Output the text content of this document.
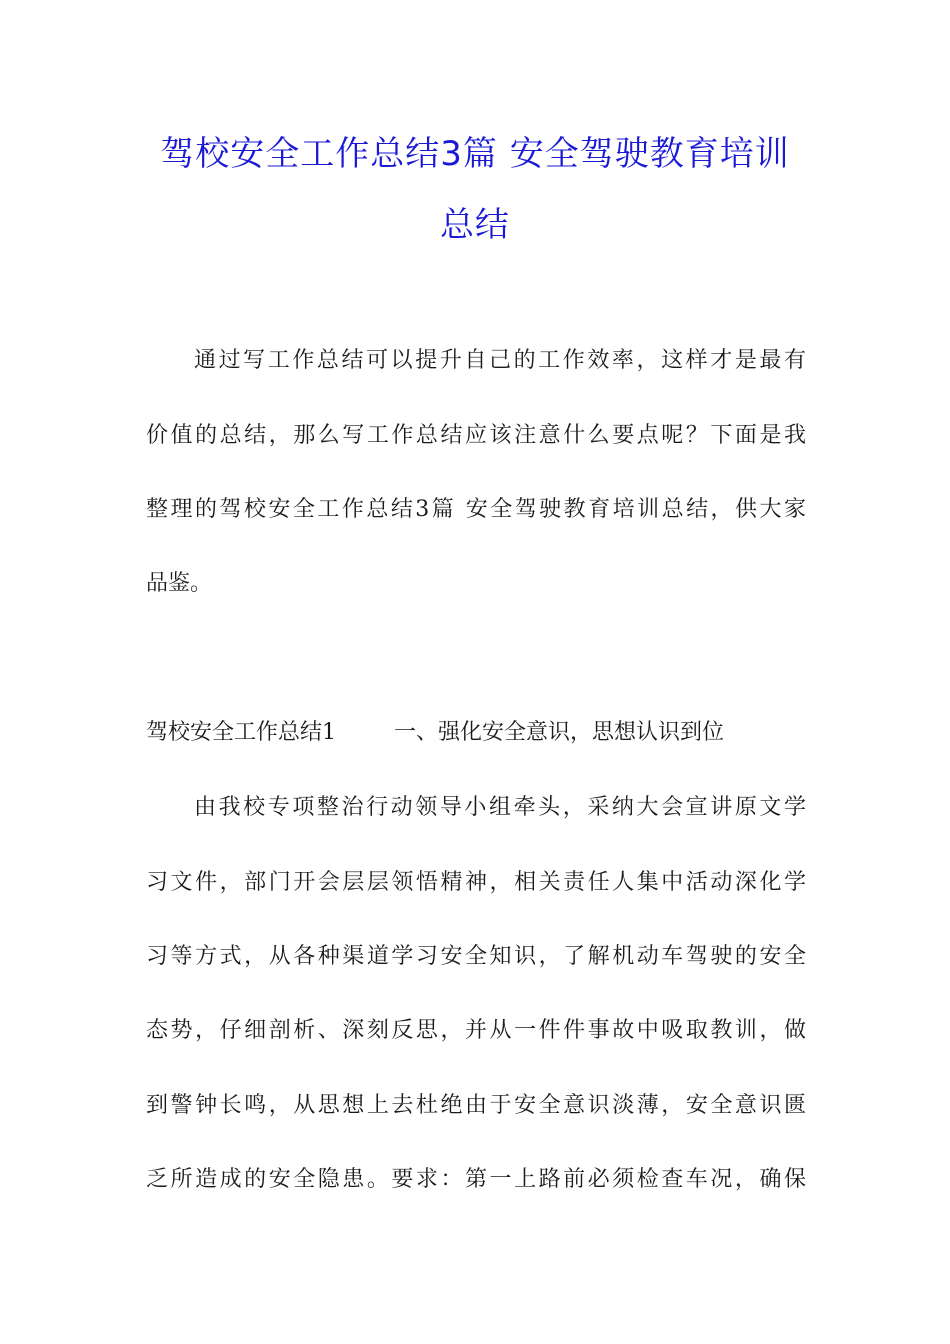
驾校安全工作总结3篇 安全驾驶教育培训
总结
通过写工作总结可以提升自己的工作效率，这样才是最有
价值的总结，那么写工作总结应该注意什么要点呢？下面是我
整理的驾校安全工作总结3篇 安全驾驶教育培训总结，供大家
品鉴。
驾校安全工作总结1	一、强化安全意识，思想认识到位
由我校专项整治行动领导小组牵头，采纳大会宣讲原文学
习文件，部门开会层层领悟精神，相关责任人集中活动深化学
习等方式，从各种渠道学习安全知识，了解机动车驾驶的安全
态势，仔细剖析、深刻反思，并从一件件事故中吸取教训，做
到警钟长鸣，从思想上去杜绝由于安全意识淡薄，安全意识匮
乏所造成的安全隐患。要求：第一上路前必须检查车况，确保
